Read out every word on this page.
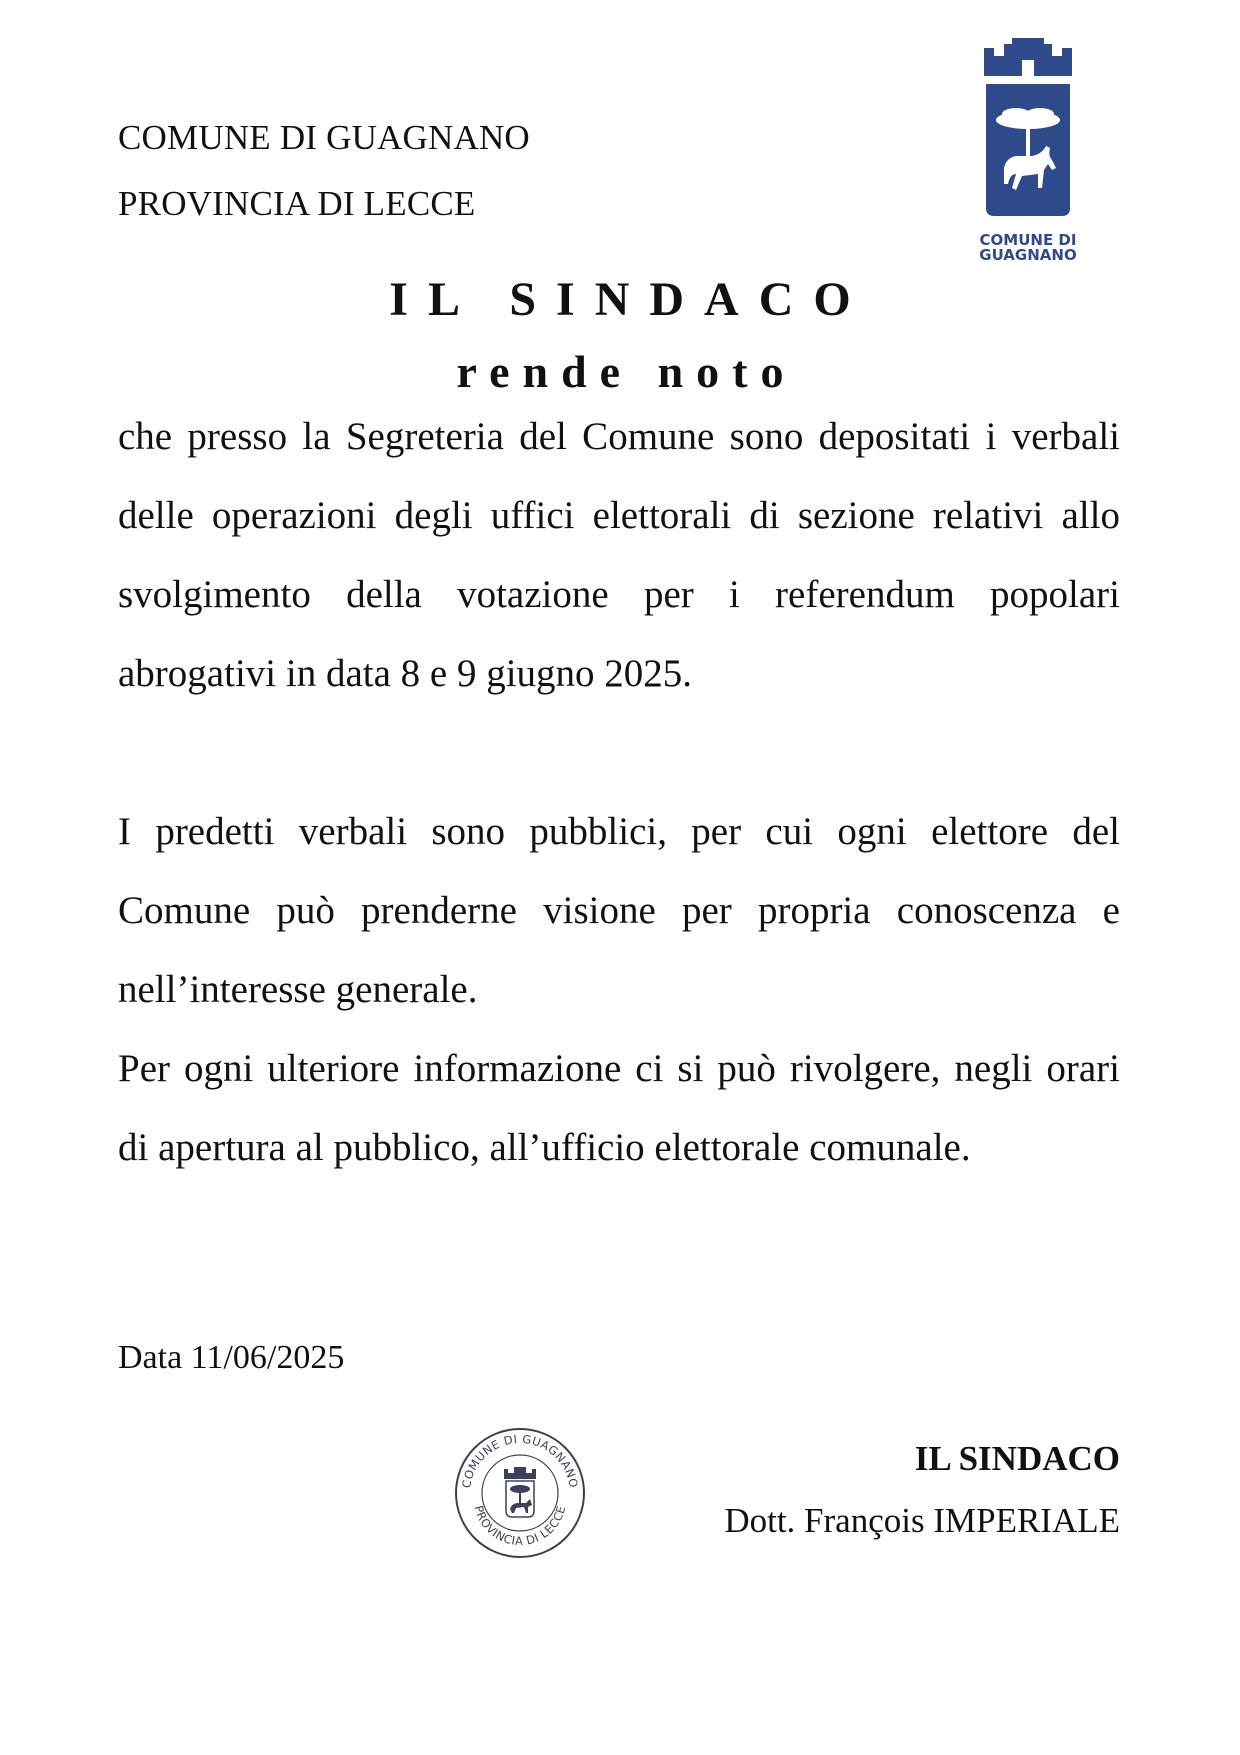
COMUNE DI GUAGNANO
PROVINCIA DI LECCE
COMUNE DI
GUAGNANO
IL SINDACO
rende noto

che presso la Segreteria del Comune sono depositati i verbali delle operazioni degli uffici elettorali di sezione relativi allo svolgimento della votazione per i referendum popolari abrogativi in data 8 e 9 giugno 2025.

I predetti verbali sono pubblici, per cui ogni elettore del Comune può prenderne visione per propria conoscenza e nell’interesse generale.

Per ogni ulteriore informazione ci si può rivolgere, negli orari di apertura al pubblico, all’ufficio elettorale comunale.

Data 11/06/2025
COMUNE DI GUAGNANO
PROVINCIA DI LECCE
IL SINDACO
Dott. François IMPERIALE
